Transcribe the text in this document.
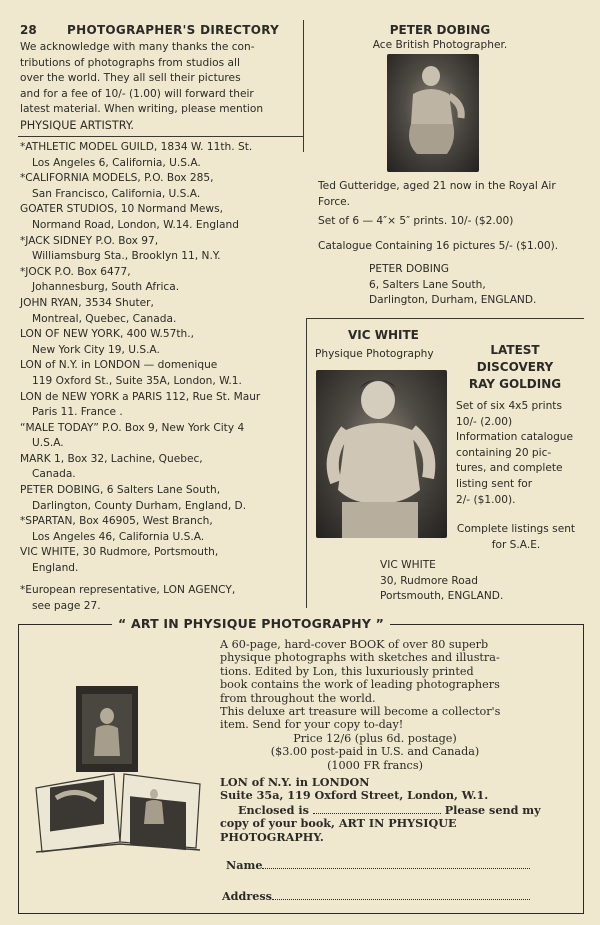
28	PHOTOGRAPHER'S DIRECTORY
We acknowledge with many thanks the con-
tributions of photographs from studios all
over the world. They all sell their pictures
and for a fee of 10/- (1.00) will forward their
latest material. When writing, please mention
PHYSIQUE ARTISTRY.
*ATHLETIC MODEL GUILD, 1834 W. 11th. St.
Los Angeles 6, California, U.S.A.
*CALIFORNIA MODELS, P.O. Box 285,
San Francisco, California, U.S.A.
GOATER STUDIOS, 10 Normand Mews,
Normand Road, London, W.14. England
*JACK SIDNEY P.O. Box 97,
Williamsburg Sta., Brooklyn 11, N.Y.
*JOCK P.O. Box 6477,
Johannesburg, South Africa.
JOHN RYAN, 3534 Shuter,
Montreal, Quebec, Canada.
LON OF NEW YORK, 400 W.57th.,
New York City 19, U.S.A.
LON of N.Y. in LONDON — domenique
119 Oxford St., Suite 35A, London, W.1.
LON de NEW YORK a PARIS 112, Rue St. Maur
Paris 11. France .
“MALE TODAY” P.O. Box 9, New York City 4
U.S.A.
MARK 1, Box 32, Lachine, Quebec,
Canada.
PETER DOBING, 6 Salters Lane South,
Darlington, County Durham, England, D.
*SPARTAN, Box 46905, West Branch,
Los Angeles 46, California U.S.A.
VIC WHITE, 30 Rudmore, Portsmouth,
England.
*European representative, LON AGENCY,
see page 27.
PETER DOBING
Ace British Photographer.
Ted Gutteridge, aged 21 now in the Royal Air
Force.
Set of 6 — 4″× 5″ prints. 10/- ($2.00)
Catalogue Containing 16 pictures 5/- ($1.00).
PETER DOBING
6, Salters Lane South,
Darlington, Durham, ENGLAND.
VIC WHITE
Physique Photography	LATEST
DISCOVERY
RAY GOLDING
Set of six 4x5 prints
10/- (2.00)
Information catalogue
containing 20 pic-
tures, and complete
listing sent for
2/- ($1.00).
Complete listings sent
for S.A.E.
VIC WHITE
30, Rudmore Road
Portsmouth, ENGLAND.
“ ART IN PHYSIQUE PHOTOGRAPHY ”
A 60-page, hard-cover BOOK of over 80 superb
physique photographs with sketches and illustra-
tions. Edited by Lon, this luxuriously printed
book contains the work of leading photographers
from throughout the world.
This deluxe art treasure will become a collector's
item. Send for your copy to-day!
Price 12/6 (plus 6d. postage)
($3.00 post-paid in U.S. and Canada)
(1000 FR francs)
LON of N.Y. in LONDON
Suite 35a, 119 Oxford Street, London, W.1.
Enclosed is	Please send my
copy of your book, ART IN PHYSIQUE
PHOTOGRAPHY.
Name
Address
